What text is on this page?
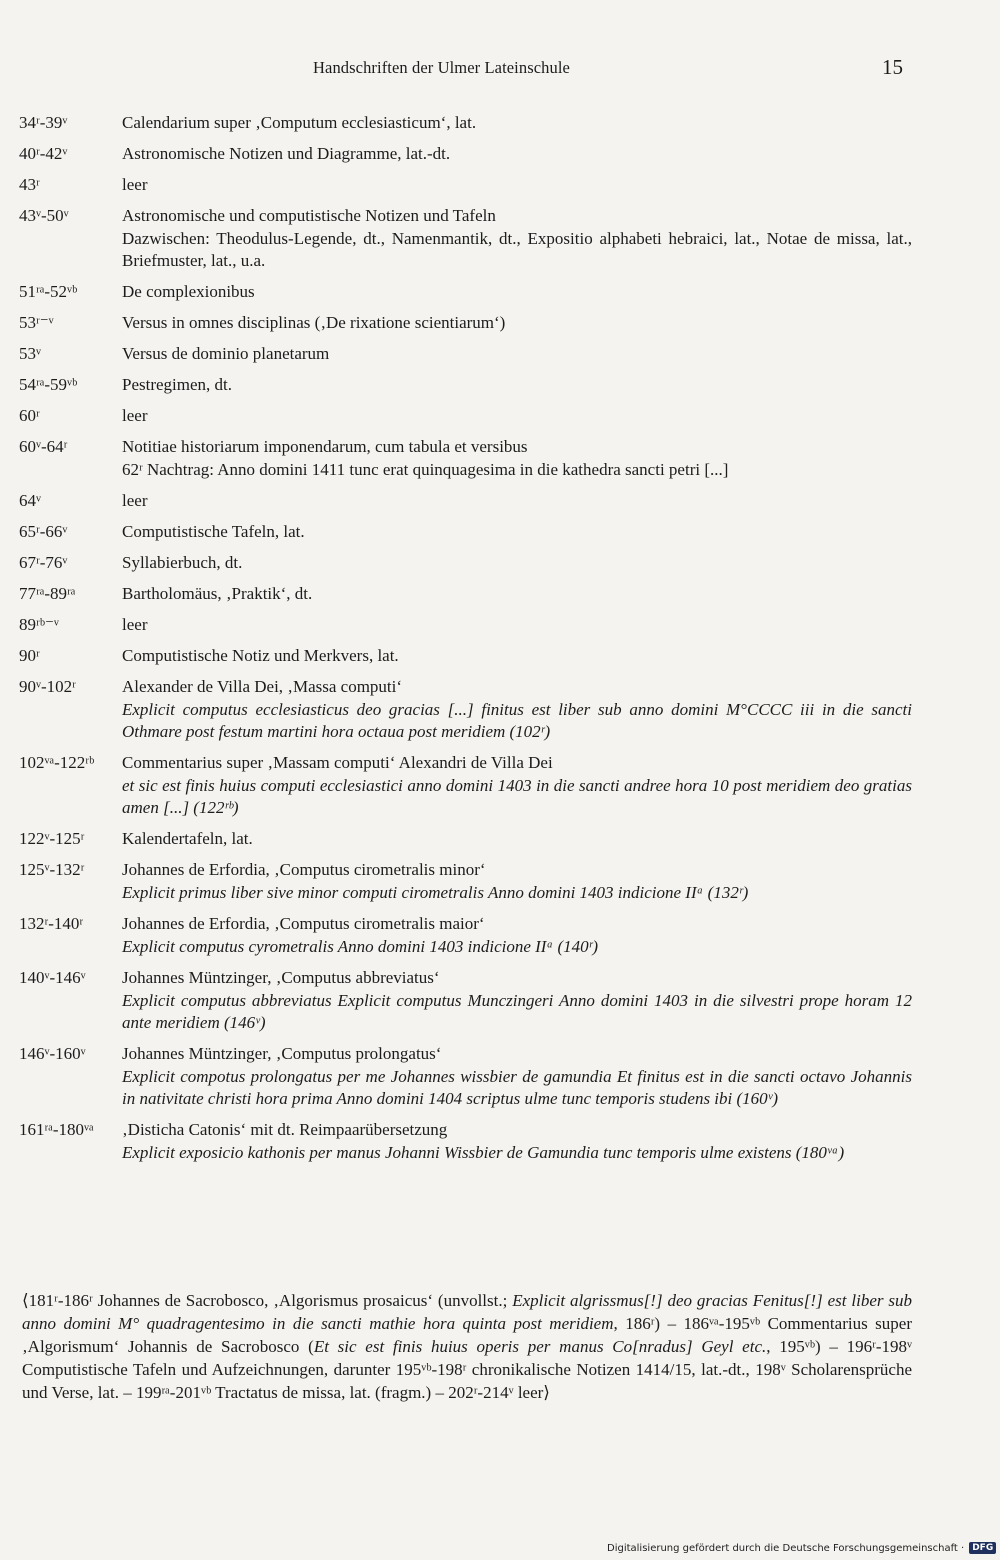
Handschriften der Ulmer Lateinschule	15
34ʳ-39ᵛ	Calendarium super ‚Computum ecclesiasticum‘, lat.
40ʳ-42ᵛ	Astronomische Notizen und Diagramme, lat.-dt.
43ʳ	leer
43ᵛ-50ᵛ	Astronomische und computistische Notizen und Tafeln
Dazwischen: Theodulus-Legende, dt., Namenmantik, dt., Expositio alphabeti hebraici, lat., Notae de missa, lat., Briefmuster, lat., u.a.
51ʳᵃ-52ᵛᵇ	De complexionibus
53ʳ⁻ᵛ	Versus in omnes disciplinas (‚De rixatione scientiarum‘)
53ᵛ	Versus de dominio planetarum
54ʳᵃ-59ᵛᵇ	Pestregimen, dt.
60ʳ	leer
60ᵛ-64ʳ	Notitiae historiarum imponendarum, cum tabula et versibus
62ʳ Nachtrag: Anno domini 1411 tunc erat quinquagesima in die kathedra sancti petri [...]
64ᵛ	leer
65ʳ-66ᵛ	Computistische Tafeln, lat.
67ʳ-76ᵛ	Syllabierbuch, dt.
77ʳᵃ-89ʳᵃ	Bartholomäus, ‚Praktik‘, dt.
89ʳᵇ⁻ᵛ	leer
90ʳ	Computistische Notiz und Merkvers, lat.
90ᵛ-102ʳ	Alexander de Villa Dei, ‚Massa computi‘
Explicit computus ecclesiasticus deo gracias [...] finitus est liber sub anno domini M°CCCC iii in die sancti Othmare post festum martini hora octaua post meridiem (102ʳ)
102ᵛᵃ-122ʳᵇ Commentarius super ‚Massam computi‘ Alexandri de Villa Dei
et sic est finis huius computi ecclesiastici anno domini 1403 in die sancti andree hora 10 post meridiem deo gratias amen [...] (122ʳᵇ)
122ᵛ-125ʳ Kalendertafeln, lat.
125ᵛ-132ʳ Johannes de Erfordia, ‚Computus cirometralis minor‘
Explicit primus liber sive minor computi cirometralis Anno domini 1403 indicione IIᵃ (132ʳ)
132ʳ-140ʳ Johannes de Erfordia, ‚Computus cirometralis maior‘
Explicit computus cyrometralis Anno domini 1403 indicione IIᵃ (140ʳ)
140ᵛ-146ᵛ Johannes Müntzinger, ‚Computus abbreviatus‘
Explicit computus abbreviatus Explicit computus Munczingeri Anno domini 1403 in die silvestri prope horam 12 ante meridiem (146ᵛ)
146ᵛ-160ᵛ Johannes Müntzinger, ‚Computus prolongatus‘
Explicit compotus prolongatus per me Johannes wissbier de gamundia Et finitus est in die sancti octavo Johannis in nativitate christi hora prima Anno domini 1404 scriptus ulme tunc temporis studens ibi (160ᵛ)
161ʳᵃ-180ᵛᵃ ‚Disticha Catonis‘ mit dt. Reimpaarübersetzung
Explicit exposicio kathonis per manus Johanni Wissbier de Gamundia tunc temporis ulme existens (180ᵛᵃ)
⟨181ʳ-186ʳ Johannes de Sacrobosco, ‚Algorismus prosaicus‘ (unvollst.; Explicit algrissmus[!] deo gracias Fenitus[!] est liber sub anno domini M° quadragentesimo in die sancti mathie hora quinta post meridiem, 186ʳ) – 186ᵛᵃ-195ᵛᵇ Commentarius super ‚Algorismum‘ Johannis de Sacrobosco (Et sic est finis huius operis per manus Co[nradus] Geyl etc., 195ᵛᵇ) – 196ʳ-198ᵛ Computistische Tafeln und Aufzeichnungen, darunter 195ᵛᵇ-198ʳ chronikalische Notizen 1414/15, lat.-dt., 198ᵛ Scholarensprüche und Verse, lat. – 199ʳᵃ-201ᵛᵇ Tractatus de missa, lat. (fragm.) – 202ʳ-214ᵛ leer⟩
Digitalisierung gefördert durch die Deutsche Forschungsgemeinschaft · DFG
